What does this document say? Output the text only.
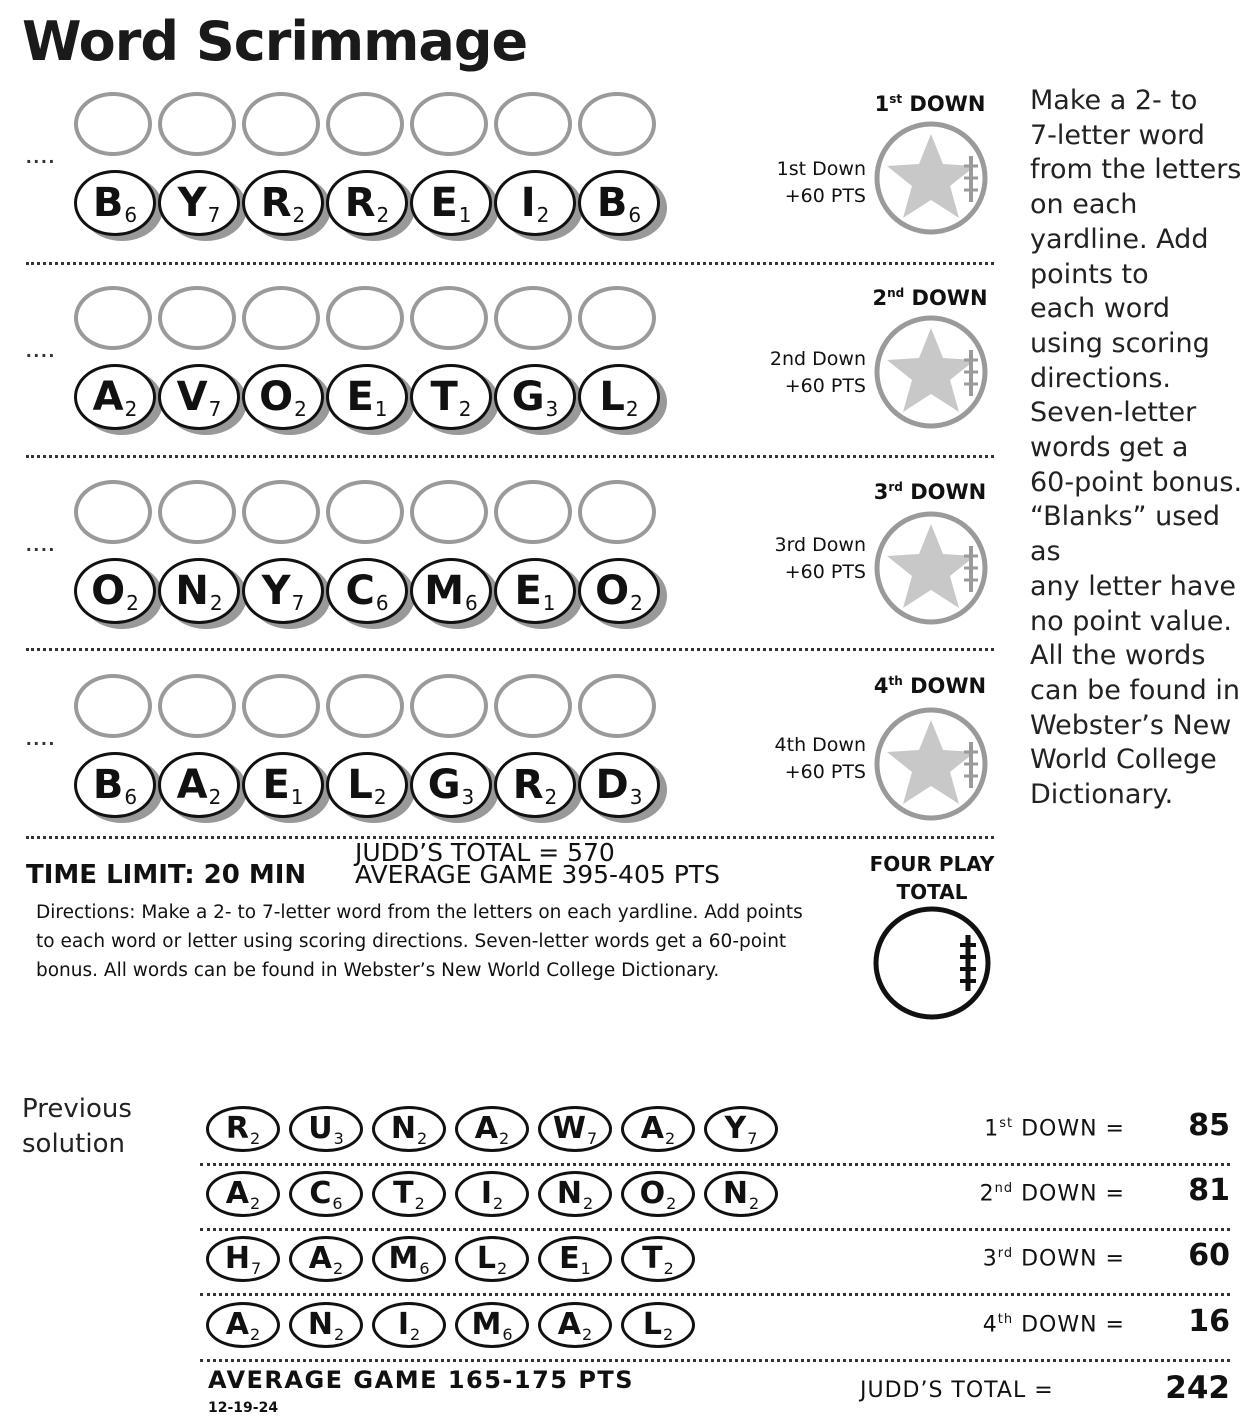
Word Scrimmage
....
B 6 Y 7 R 2 R 2 E 1 I 2 B 6
1st DOWN
1st Down
+60 PTS
....
A 2 V 7 O 2 E 1 T 2 G 3 L 2
2nd DOWN
2nd Down
+60 PTS
....
O 2 N 2 Y 7 C 6 M 6 E 1 O 2
3rd DOWN
3rd Down
+60 PTS
....
B 6 A 2 E 1 L 2 G 3 R 2 D 3
4th DOWN
4th Down
+60 PTS
Make a 2- to
7-letter word
from the letters
on each
yardline. Add
points to
each word
using scoring
directions.
Seven-letter
words get a
60-point bonus.
“Blanks” used as
any letter have
no point value.
All the words
can be found in
Webster’s New
World College
Dictionary.
TIME LIMIT: 20 MIN
JUDD’S TOTAL = 570
AVERAGE GAME 395-405 PTS
Directions: Make a 2- to 7-letter word from the letters on each yardline. Add points
to each word or letter using scoring directions. Seven-letter words get a 60-point
bonus. All words can be found in Webster’s New World College Dictionary.
FOUR PLAY
TOTAL
Previous
solution	R 2 U 3 N 2 A 2 W 7 A 2 Y 7	1st DOWN =	85
A 2 C 6 T 2 I 2 N 2 O 2 N 2	2nd DOWN =	81
H 7 A 2 M 6 L 2 E 1 T 2	3rd DOWN =	60
A 2 N 2 I 2 M 6 A 2 L 2	4th DOWN =	16
AVERAGE GAME 165-175 PTS
12-19-24
JUDD’S TOTAL =	242
